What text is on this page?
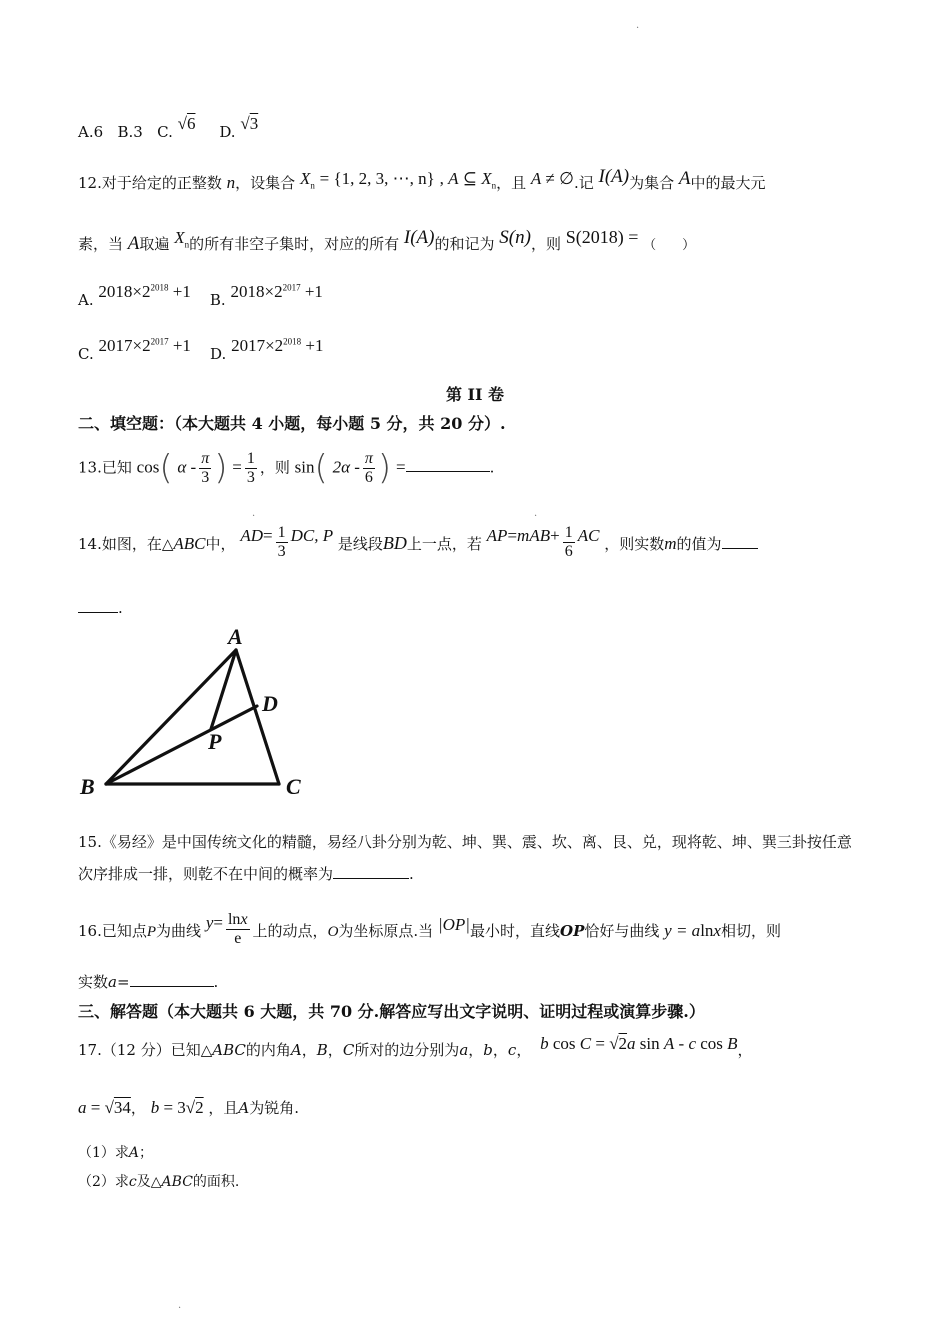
.
.
A.6 B.3 C. √6 D. √3
12.对于给定的正整数 n，设集合 $X_n = \{1$, 2, 3, ⋯, n} , A ⊆ $X_n$，且 A ≠ ∅.记 I(A)为集合 A中的最大元
素，当 A取遍 $X_n$的所有非空子集时，对应的所有 I(A)的和记为 S(n)，则 S(2018) = （　　）
A. $2018\times 2^{2018} +1$ B. $2018\times 2^{2017} +1$
C. $2017\times 2^{2017} +1$ D. $2017\times 2^{2018} +1$
第 II 卷
二、填空题：（本大题共 4 小题，每小题 5 分，共 20 分）.
13.已知 cos( α - $\frac{\pi}{3}$ ) = $\frac{1}{3}$ ，则 sin( $2\alpha - \frac{\pi}{6}$ ) =	.
.	.
14.如图，在△ABC中， $AD= \frac{1}{3}$ DC, P 是线段BD上一点，若 $AP=mAB+ \frac{1}{6}$ AC ，则实数m的值为
.
A
B	C
D
P
15.《易经》是中国传统文化的精髓，易经八卦分别为乾、坤、巽、震、坎、离、艮、兑，现将乾、坤、巽三卦按任意
次序排成一排，则乾不在中间的概率为	.
16.已知点P为曲线 $y= \frac{\ln x}{e}$ 上的动点，O为坐标原点.当 |OP|最小时，直线OP恰好与曲线 y = alnx相切，则
实数a=	.
三、解答题（本大题共 6 大题，共 70 分.解答应写出文字说明、证明过程或演算步骤.）
17.（12 分）已知△ABC的内角A，B，C所对的边分别为a，b，c， b cos C = √2a sin A - c cos B，
a = √34， b = 3√2 ，且A为锐角.
（1）求A；
（2）求c及△ABC的面积.
